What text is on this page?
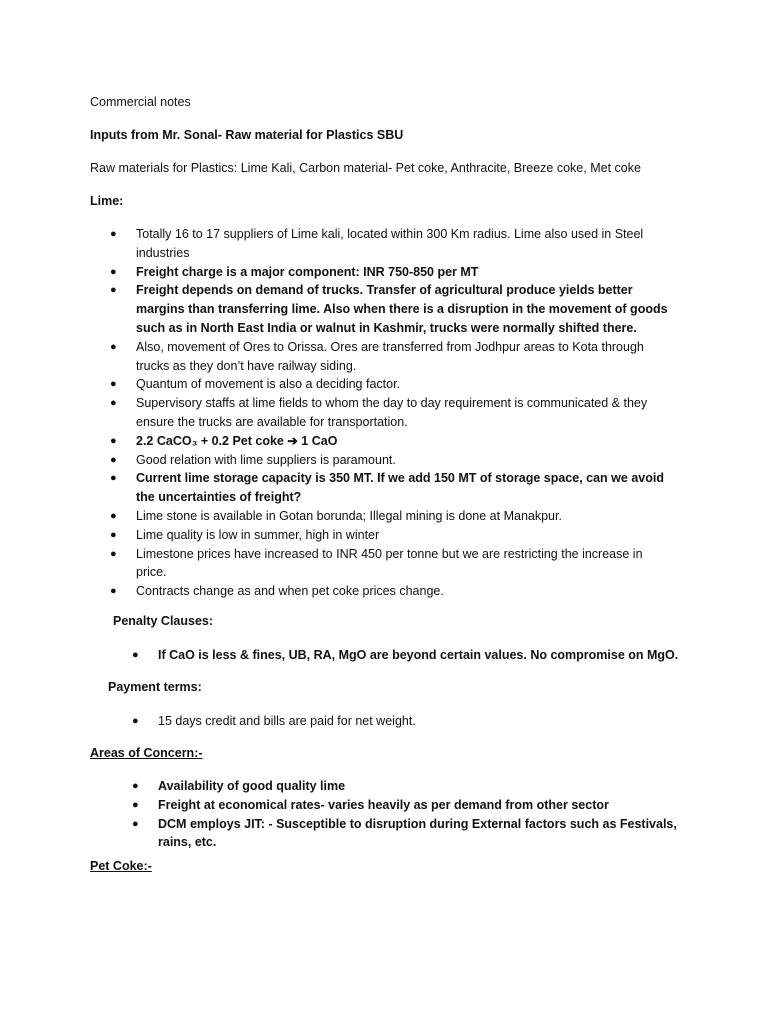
Commercial notes
Inputs from Mr. Sonal- Raw material for Plastics SBU
Raw materials for Plastics: Lime Kali, Carbon material- Pet coke, Anthracite, Breeze coke, Met coke
Lime:
● Totally 16 to 17 suppliers of Lime kali, located within 300 Km radius. Lime also used in Steel industries
● Freight charge is a major component: INR 750-850 per MT
● Freight depends on demand of trucks. Transfer of agricultural produce yields better margins than transferring lime. Also when there is a disruption in the movement of goods such as in North East India or walnut in Kashmir, trucks were normally shifted there.
● Also, movement of Ores to Orissa. Ores are transferred from Jodhpur areas to Kota through trucks as they don’t have railway siding.
● Quantum of movement is also a deciding factor.
● Supervisory staffs at lime fields to whom the day to day requirement is communicated & they ensure the trucks are available for transportation.
● 2.2 CaCO₃ + 0.2 Pet coke ➔ 1 CaO
● Good relation with lime suppliers is paramount.
● Current lime storage capacity is 350 MT. If we add 150 MT of storage space, can we avoid the uncertainties of freight?
● Lime stone is available in Gotan borunda; Illegal mining is done at Manakpur.
● Lime quality is low in summer, high in winter
● Limestone prices have increased to INR 450 per tonne but we are restricting the increase in price.
● Contracts change as and when pet coke prices change.
Penalty Clauses:
● If CaO is less & fines, UB, RA, MgO are beyond certain values. No compromise on MgO.
Payment terms:
● 15 days credit and bills are paid for net weight.
Areas of Concern:-
● Availability of good quality lime
● Freight at economical rates- varies heavily as per demand from other sector
● DCM employs JIT: - Susceptible to disruption during External factors such as Festivals, rains, etc.
Pet Coke:-
